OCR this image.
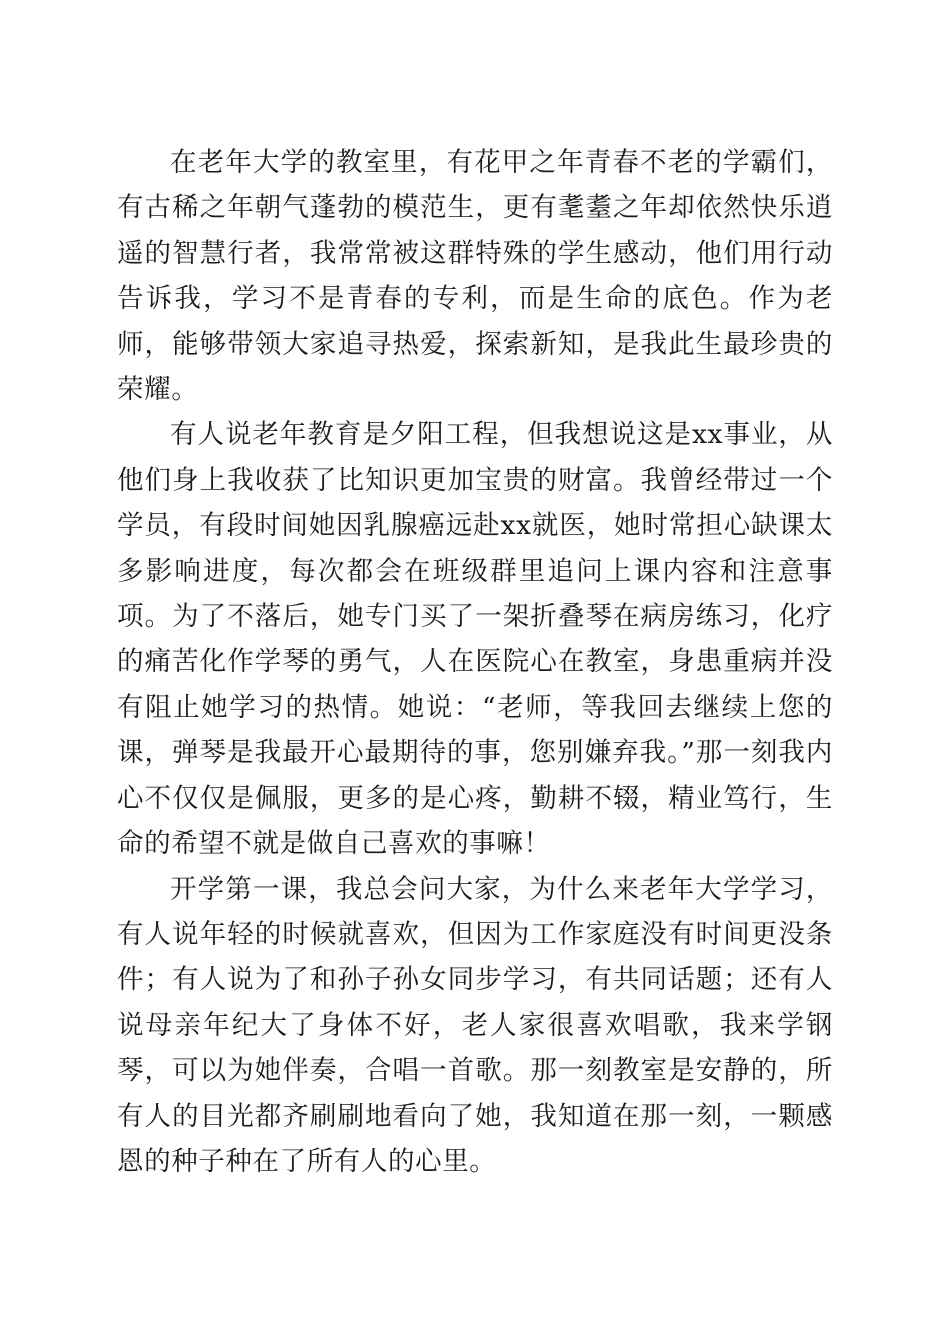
在老年大学的教室里，有花甲之年青春不老的学霸们，有古稀之年朝气蓬勃的模范生，更有耄耋之年却依然快乐逍遥的智慧行者，我常常被这群特殊的学生感动，他们用行动告诉我，学习不是青春的专利，而是生命的底色。作为老师，能够带领大家追寻热爱，探索新知，是我此生最珍贵的荣耀。

有人说老年教育是夕阳工程，但我想说这是xx事业，从他们身上我收获了比知识更加宝贵的财富。我曾经带过一个学员，有段时间她因乳腺癌远赴xx就医，她时常担心缺课太多影响进度，每次都会在班级群里追问上课内容和注意事项。为了不落后，她专门买了一架折叠琴在病房练习，化疗的痛苦化作学琴的勇气，人在医院心在教室，身患重病并没有阻止她学习的热情。她说：“老师，等我回去继续上您的课，弹琴是我最开心最期待的事，您别嫌弃我。”那一刻我内心不仅仅是佩服，更多的是心疼，勤耕不辍，精业笃行，生命的希望不就是做自己喜欢的事嘛！

开学第一课，我总会问大家，为什么来老年大学学习，有人说年轻的时候就喜欢，但因为工作家庭没有时间更没条件；有人说为了和孙子孙女同步学习，有共同话题；还有人说母亲年纪大了身体不好，老人家很喜欢唱歌，我来学钢琴，可以为她伴奏，合唱一首歌。那一刻教室是安静的，所有人的目光都齐刷刷地看向了她，我知道在那一刻，一颗感恩的种子种在了所有人的心里。
